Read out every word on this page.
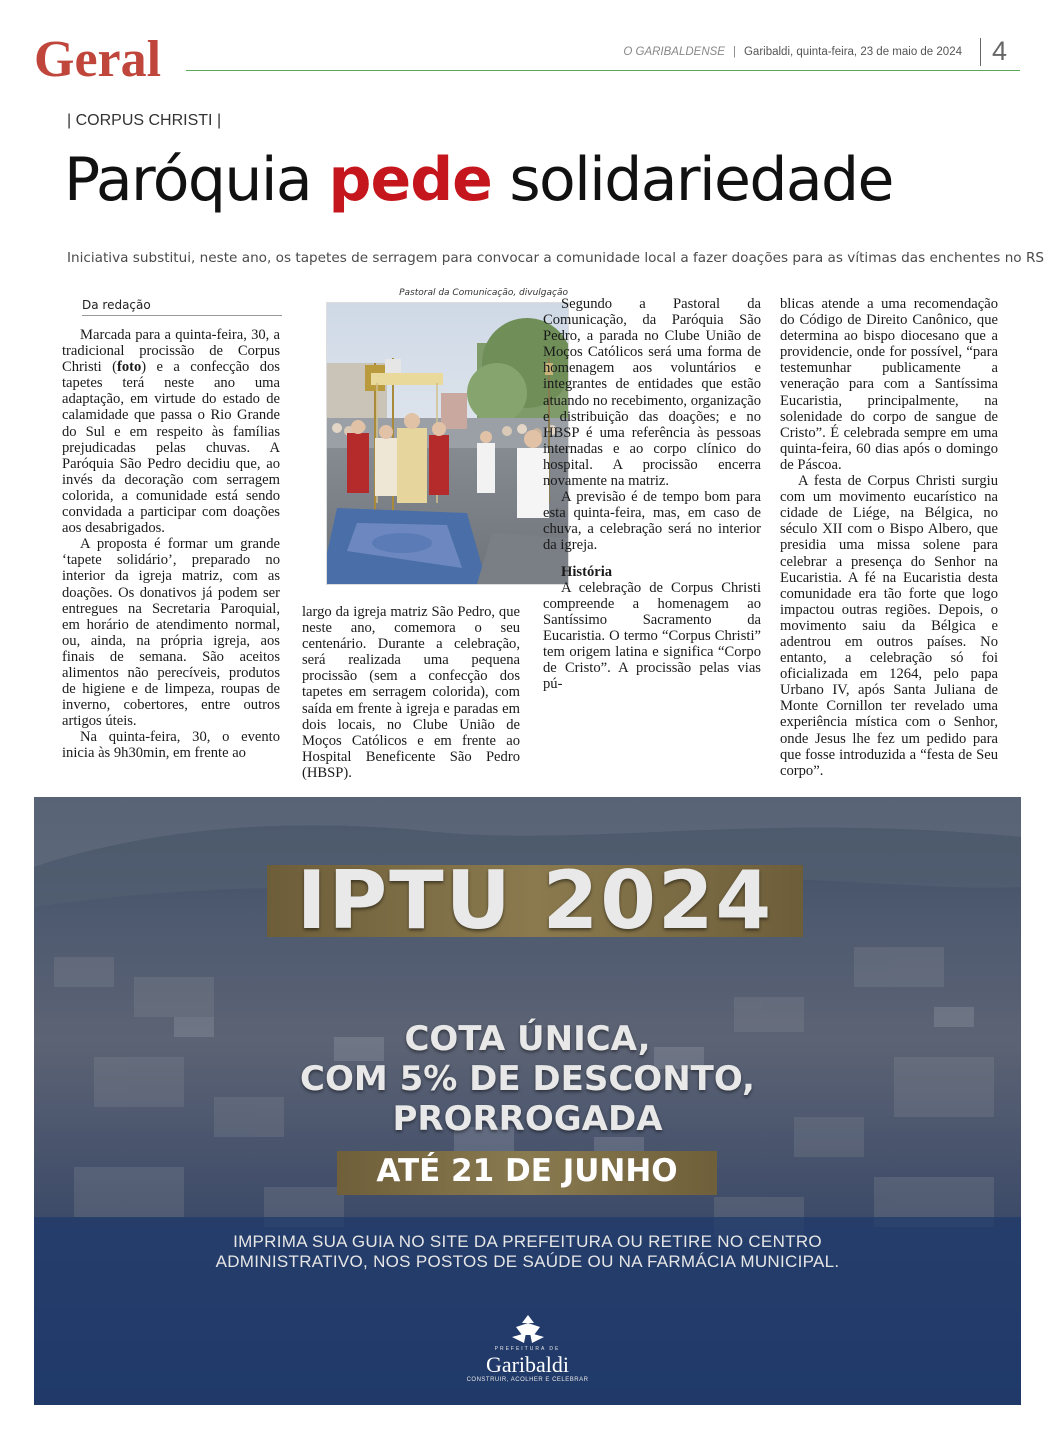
Geral	O GARIBALDENSE | Garibaldi, quinta-feira, 23 de maio de 2024 4
| CORPUS CHRISTI |
Paróquia pede solidariedade
Iniciativa substitui, neste ano, os tapetes de serragem para convocar a comunidade local a fazer doações para as vítimas das enchentes no RS
Da redação

Marcada para a quinta-feira, 30, a tradicional procissão de Corpus Christi (foto) e a confecção dos tapetes terá neste ano uma adaptação, em virtude do estado de calamidade que passa o Rio Grande do Sul e em respeito às famílias prejudicadas pelas chuvas. A Paróquia São Pedro decidiu que, ao invés da decoração com serragem colorida, a comunidade está sendo convidada a participar com doações aos desabrigados.

A proposta é formar um grande ‘tapete solidário’, preparado no interior da igreja matriz, com as doações. Os donativos já podem ser entregues na Secretaria Paroquial, em horário de atendimento normal, ou, ainda, na própria igreja, aos finais de semana. São aceitos alimentos não perecíveis, produtos de higiene e de limpeza, roupas de inverno, cobertores, entre outros artigos úteis.

Na quinta-feira, 30, o evento inicia às 9h30min, em frente ao

Pastoral da Comunicação, divulgação

largo da igreja matriz São Pedro, que neste ano, comemora o seu centenário. Durante a celebração, será realizada uma pequena procissão (sem a confecção dos tapetes em serragem colorida), com saída em frente à igreja e paradas em dois locais, no Clube União de Moços Católicos e em frente ao Hospital Beneficente São Pedro (HBSP).

Segundo a Pastoral da Comunicação, da Paróquia São Pedro, a parada no Clube União de Moços Católicos será uma forma de homenagem aos voluntários e integrantes de entidades que estão atuando no recebimento, organização e distribuição das doações; e no HBSP é uma referência às pessoas internadas e ao corpo clínico do hospital. A procissão encerra novamente na matriz.

A previsão é de tempo bom para esta quinta-feira, mas, em caso de chuva, a celebração será no interior da igreja.

História

A celebração de Corpus Christi compreende a homenagem ao Santíssimo Sacramento da Eucaristia. O termo “Corpus Christi” tem origem latina e significa “Corpo de Cristo”. A procissão pelas vias pú-

blicas atende a uma recomendação do Código de Direito Canônico, que determina ao bispo diocesano que a providencie, onde for possível, “para testemunhar publicamente a veneração para com a Santíssima Eucaristia, principalmente, na solenidade do corpo de sangue de Cristo”. É celebrada sempre em uma quinta-feira, 60 dias após o domingo de Páscoa.

A festa de Corpus Christi surgiu com um movimento eucarístico na cidade de Liége, na Bélgica, no século XII com o Bispo Albero, que presidia uma missa solene para celebrar a presença do Senhor na Eucaristia. A fé na Eucaristia desta comunidade era tão forte que logo impactou outras regiões. Depois, o movimento saiu da Bélgica e adentrou em outros países. No entanto, a celebração só foi oficializada em 1264, pelo papa Urbano IV, após Santa Juliana de Monte Cornillon ter revelado uma experiência mística com o Senhor, onde Jesus lhe fez um pedido para que fosse introduzida a “festa de Seu corpo”.

IPTU 2024
COTA ÚNICA,
COM 5% DE DESCONTO,
PRORROGADA
ATÉ 21 DE JUNHO
IMPRIMA SUA GUIA NO SITE DA PREFEITURA OU RETIRE NO CENTRO
ADMINISTRATIVO, NOS POSTOS DE SAÚDE OU NA FARMÁCIA MUNICIPAL.
PREFEITURA DE
Garibaldi
CONSTRUIR, ACOLHER E CELEBRAR
